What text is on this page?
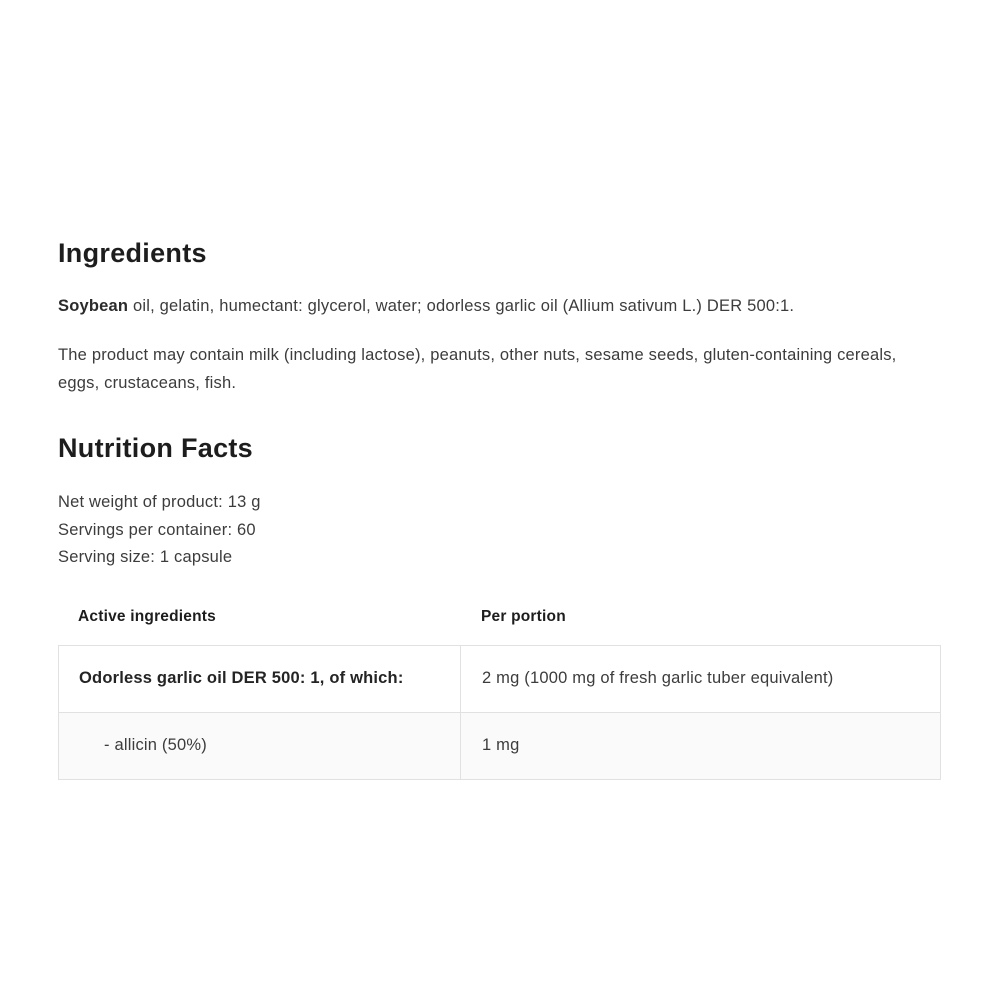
Ingredients

Soybean oil, gelatin, humectant: glycerol, water; odorless garlic oil (Allium sativum L.) DER 500:1.

The product may contain milk (including lactose), peanuts, other nuts, sesame seeds, gluten-containing cereals, eggs, crustaceans, fish.

Nutrition Facts
Net weight of product: 13 g
Servings per container: 60
Serving size: 1 capsule
Active ingredients	Per portion
Odorless garlic oil DER 500: 1, of which:	2 mg (1000 mg of fresh garlic tuber equivalent)
- allicin (50%)	1 mg
